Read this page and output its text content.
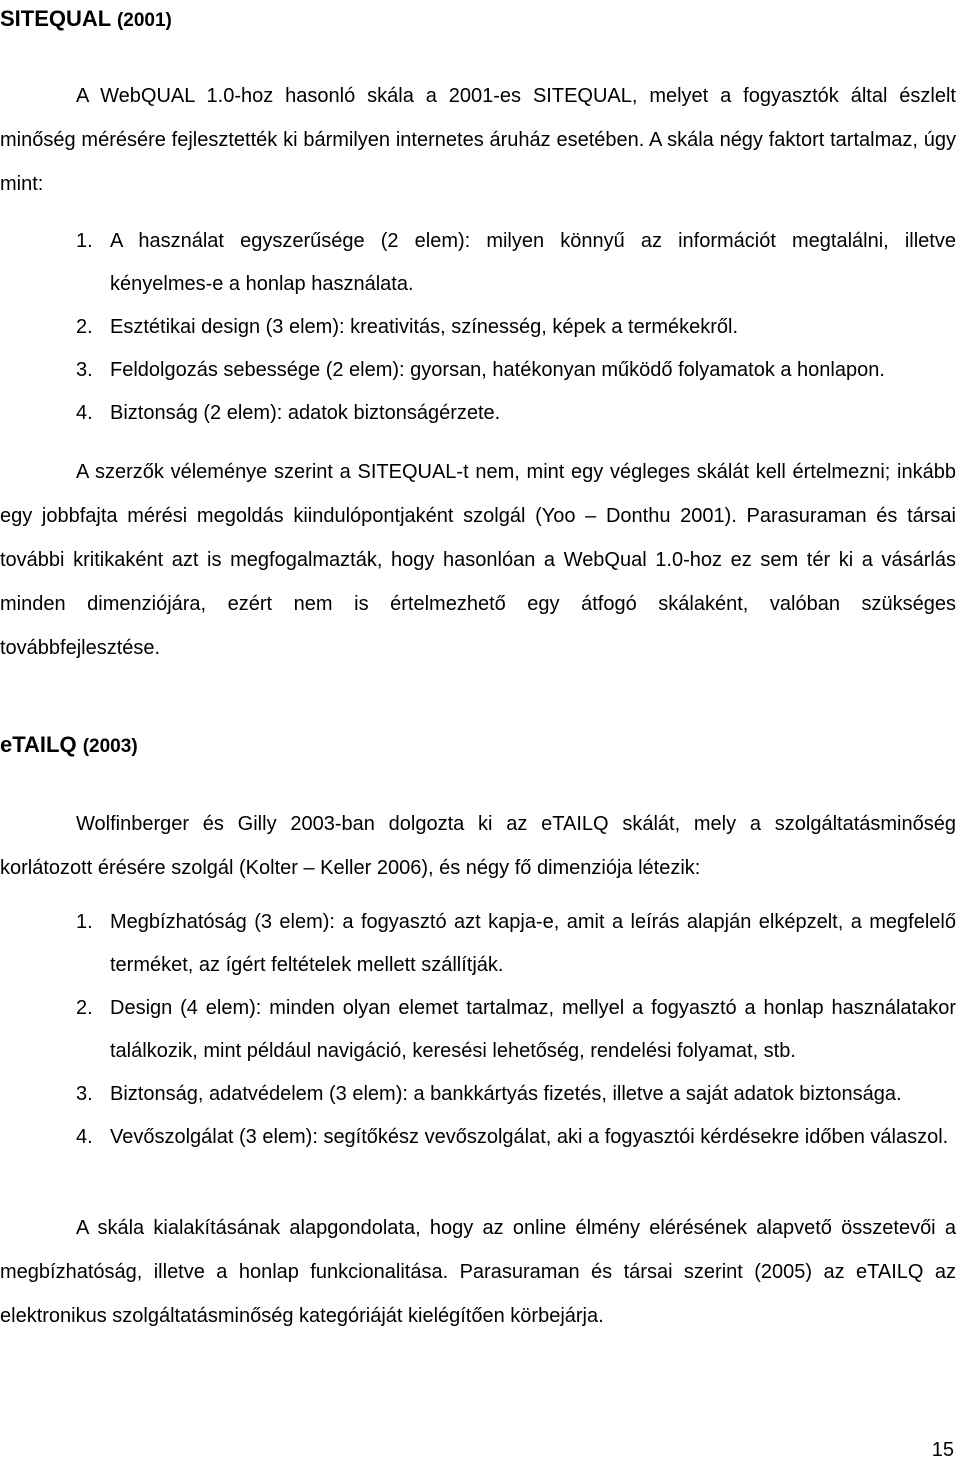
SITEQUAL (2001)

A WebQUAL 1.0-hoz hasonló skála a 2001-es SITEQUAL, melyet a fogyasztók által észlelt minőség mérésére fejlesztették ki bármilyen internetes áruház esetében. A skála négy faktort tartalmaz, úgy mint:

1. A használat egyszerűsége (2 elem): milyen könnyű az információt megtalálni, illetve kényelmes-e a honlap használata.
2. Esztétikai design (3 elem): kreativitás, színesség, képek a termékekről.
3. Feldolgozás sebessége (2 elem): gyorsan, hatékonyan működő folyamatok a honlapon.
4. Biztonság (2 elem): adatok biztonságérzete.

A szerzők véleménye szerint a SITEQUAL-t nem, mint egy végleges skálát kell értelmezni; inkább egy jobbfajta mérési megoldás kiindulópontjaként szolgál (Yoo – Donthu 2001). Parasuraman és társai további kritikaként azt is megfogalmazták, hogy hasonlóan a WebQual 1.0-hoz ez sem tér ki a vásárlás minden dimenziójára, ezért nem is értelmezhető egy átfogó skálaként, valóban szükséges továbbfejlesztése.

eTAILQ (2003)

Wolfinberger és Gilly 2003-ban dolgozta ki az eTAILQ skálát, mely a szolgáltatásminőség korlátozott érésére szolgál (Kolter – Keller 2006), és négy fő dimenziója létezik:

1. Megbízhatóság (3 elem): a fogyasztó azt kapja-e, amit a leírás alapján elképzelt, a megfelelő terméket, az ígért feltételek mellett szállítják.
2. Design (4 elem): minden olyan elemet tartalmaz, mellyel a fogyasztó a honlap használatakor találkozik, mint például navigáció, keresési lehetőség, rendelési folyamat, stb.
3. Biztonság, adatvédelem (3 elem): a bankkártyás fizetés, illetve a saját adatok biztonsága.
4. Vevőszolgálat (3 elem): segítőkész vevőszolgálat, aki a fogyasztói kérdésekre időben válaszol.

A skála kialakításának alapgondolata, hogy az online élmény elérésének alapvető összetevői a megbízhatóság, illetve a honlap funkcionalitása. Parasuraman és társai szerint (2005) az eTAILQ az elektronikus szolgáltatásminőség kategóriáját kielégítően körbejárja.

15
